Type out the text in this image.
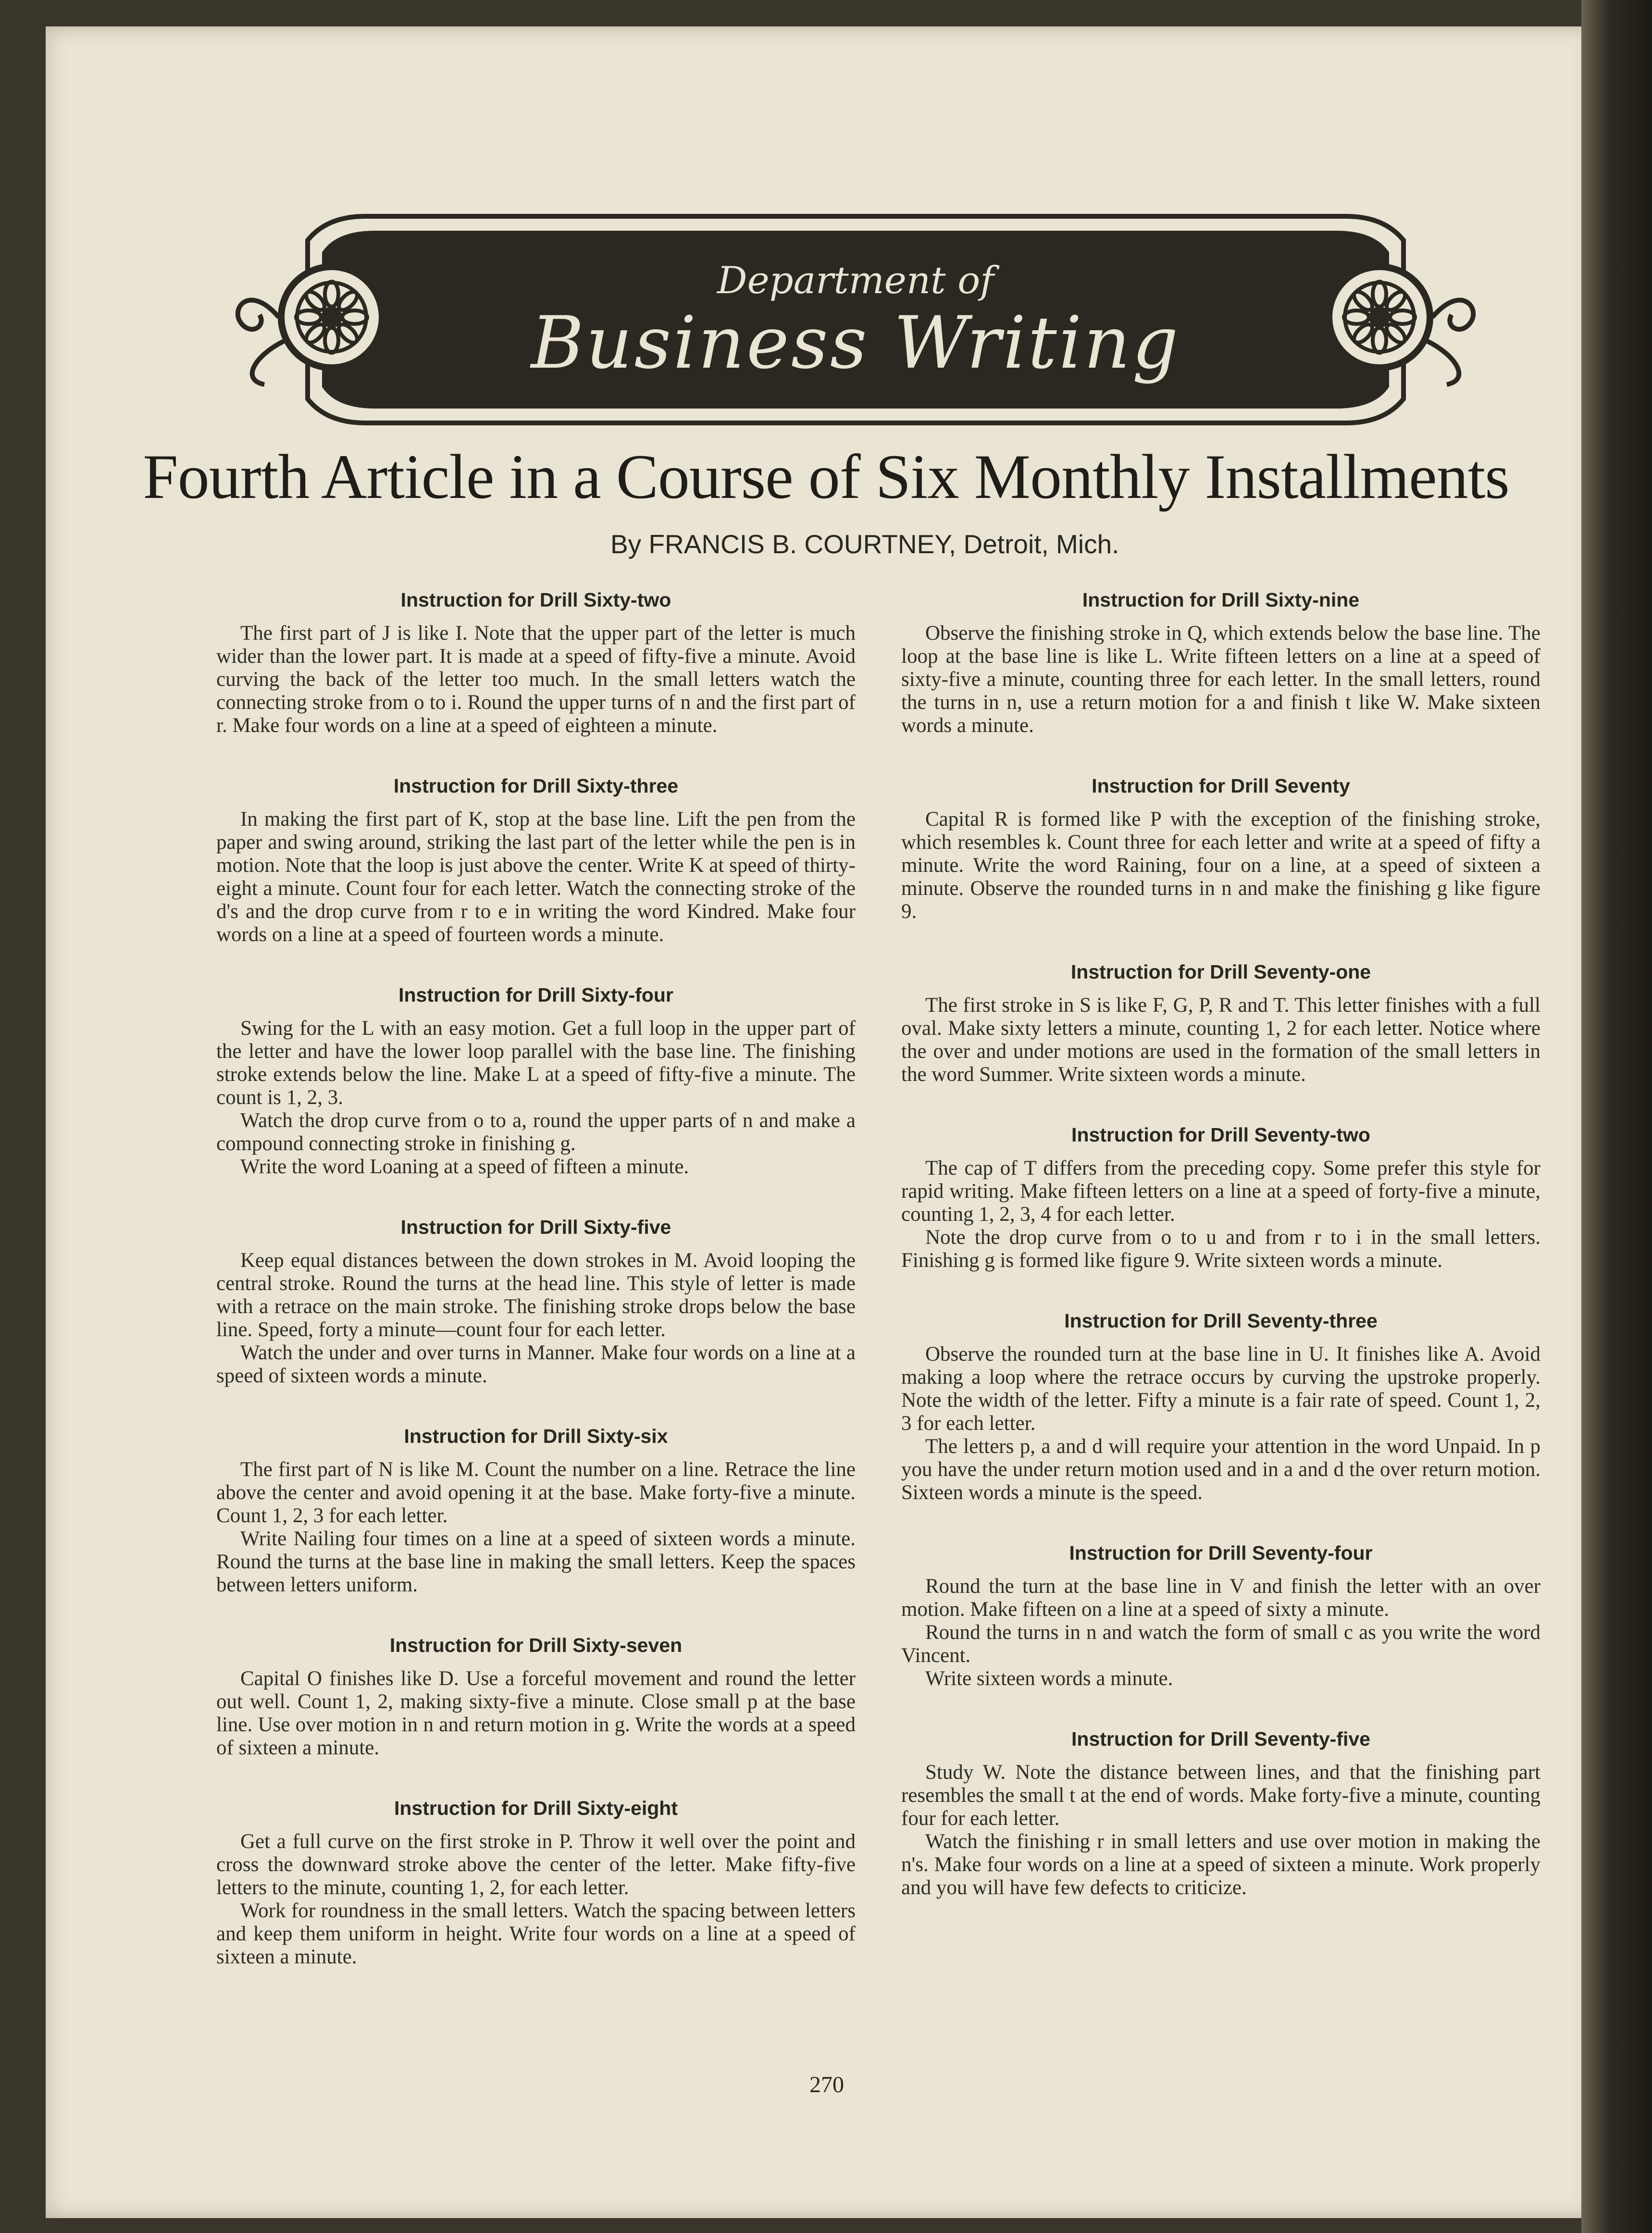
Department of
Business Writing
Fourth Article in a Course of Six Monthly Installments
By FRANCIS B. COURTNEY, Detroit, Mich.
Instruction for Drill Sixty-two

The first part of J is like I. Note that the upper part of the letter is much wider than the lower part. It is made at a speed of fifty-five a minute. Avoid curving the back of the letter too much. In the small letters watch the connecting stroke from o to i. Round the upper turns of n and the first part of r. Make four words on a line at a speed of eighteen a minute.

Instruction for Drill Sixty-three

In making the first part of K, stop at the base line. Lift the pen from the paper and swing around, striking the last part of the letter while the pen is in motion. Note that the loop is just above the center. Write K at speed of thirty-eight a minute. Count four for each letter. Watch the connecting stroke of the d's and the drop curve from r to e in writing the word Kindred. Make four words on a line at a speed of fourteen words a minute.

Instruction for Drill Sixty-four

Swing for the L with an easy motion. Get a full loop in the upper part of the letter and have the lower loop parallel with the base line. The finishing stroke extends below the line. Make L at a speed of fifty-five a minute. The count is 1, 2, 3.

Watch the drop curve from o to a, round the upper parts of n and make a compound connecting stroke in finishing g.

Write the word Loaning at a speed of fifteen a minute.

Instruction for Drill Sixty-five

Keep equal distances between the down strokes in M. Avoid looping the central stroke. Round the turns at the head line. This style of letter is made with a retrace on the main stroke. The finishing stroke drops below the base line. Speed, forty a minute—count four for each letter.

Watch the under and over turns in Manner. Make four words on a line at a speed of sixteen words a minute.

Instruction for Drill Sixty-six

The first part of N is like M. Count the number on a line. Retrace the line above the center and avoid opening it at the base. Make forty-five a minute. Count 1, 2, 3 for each letter.

Write Nailing four times on a line at a speed of sixteen words a minute. Round the turns at the base line in making the small letters. Keep the spaces between letters uniform.

Instruction for Drill Sixty-seven

Capital O finishes like D. Use a forceful movement and round the letter out well. Count 1, 2, making sixty-five a minute. Close small p at the base line. Use over motion in n and return motion in g. Write the words at a speed of sixteen a minute.

Instruction for Drill Sixty-eight

Get a full curve on the first stroke in P. Throw it well over the point and cross the downward stroke above the center of the letter. Make fifty-five letters to the minute, counting 1, 2, for each letter.

Work for roundness in the small letters. Watch the spacing between letters and keep them uniform in height. Write four words on a line at a speed of sixteen a minute.

Instruction for Drill Sixty-nine

Observe the finishing stroke in Q, which extends below the base line. The loop at the base line is like L. Write fifteen letters on a line at a speed of sixty-five a minute, counting three for each letter. In the small letters, round the turns in n, use a return motion for a and finish t like W. Make sixteen words a minute.

Instruction for Drill Seventy

Capital R is formed like P with the exception of the finishing stroke, which resembles k. Count three for each letter and write at a speed of fifty a minute. Write the word Raining, four on a line, at a speed of sixteen a minute. Observe the rounded turns in n and make the finishing g like figure 9.

Instruction for Drill Seventy-one

The first stroke in S is like F, G, P, R and T. This letter finishes with a full oval. Make sixty letters a minute, counting 1, 2 for each letter. Notice where the over and under motions are used in the formation of the small letters in the word Summer. Write sixteen words a minute.

Instruction for Drill Seventy-two

The cap of T differs from the preceding copy. Some prefer this style for rapid writing. Make fifteen letters on a line at a speed of forty-five a minute, counting 1, 2, 3, 4 for each letter.

Note the drop curve from o to u and from r to i in the small letters. Finishing g is formed like figure 9. Write sixteen words a minute.

Instruction for Drill Seventy-three

Observe the rounded turn at the base line in U. It finishes like A. Avoid making a loop where the retrace occurs by curving the upstroke properly. Note the width of the letter. Fifty a minute is a fair rate of speed. Count 1, 2, 3 for each letter.

The letters p, a and d will require your attention in the word Unpaid. In p you have the under return motion used and in a and d the over return motion. Sixteen words a minute is the speed.

Instruction for Drill Seventy-four

Round the turn at the base line in V and finish the letter with an over motion. Make fifteen on a line at a speed of sixty a minute.

Round the turns in n and watch the form of small c as you write the word Vincent.

Write sixteen words a minute.

Instruction for Drill Seventy-five

Study W. Note the distance between lines, and that the finishing part resembles the small t at the end of words. Make forty-five a minute, counting four for each letter.

Watch the finishing r in small letters and use over motion in making the n's. Make four words on a line at a speed of sixteen a minute. Work properly and you will have few defects to criticize.

270
